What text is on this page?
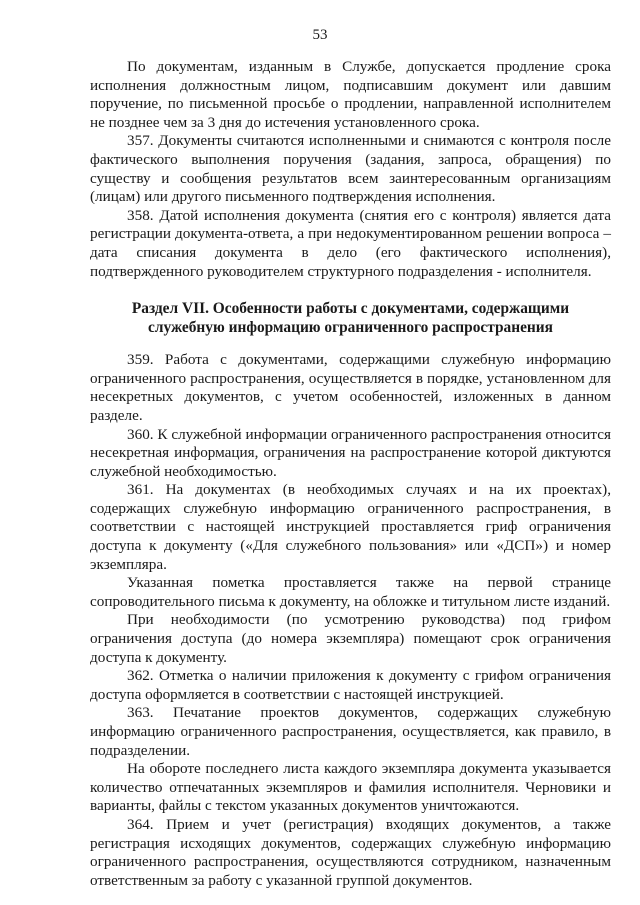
53

По документам, изданным в Службе, допускается продление срока исполнения должностным лицом, подписавшим документ или давшим поручение, по письменной просьбе о продлении, направленной исполнителем не позднее чем за 3 дня до истечения установленного срока.

357. Документы считаются исполненными и снимаются с контроля после фактического выполнения поручения (задания, запроса, обращения) по существу и сообщения результатов всем заинтересованным организациям (лицам) или другого письменного подтверждения исполнения.

358. Датой исполнения документа (снятия его с контроля) является дата регистрации документа-ответа, а при недокументированном решении вопроса – дата списания документа в дело (его фактического исполнения), подтвержденного руководителем структурного подразделения - исполнителя.

Раздел VII. Особенности работы с документами, содержащими
служебную информацию ограниченного распространения

359. Работа с документами, содержащими служебную информацию ограниченного распространения, осуществляется в порядке, установленном для несекретных документов, с учетом особенностей, изложенных в данном разделе.

360. К служебной информации ограниченного распространения относится несекретная информация, ограничения на распространение которой диктуются служебной необходимостью.

361. На документах (в необходимых случаях и на их проектах), содержащих служебную информацию ограниченного распространения, в соответствии с настоящей инструкцией проставляется гриф ограничения доступа к документу («Для служебного пользования» или «ДСП») и номер экземпляра.

Указанная пометка проставляется также на первой странице сопроводительного письма к документу, на обложке и титульном листе изданий.

При необходимости (по усмотрению руководства) под грифом ограничения доступа (до номера экземпляра) помещают срок ограничения доступа к документу.

362. Отметка о наличии приложения к документу с грифом ограничения доступа оформляется в соответствии с настоящей инструкцией.

363. Печатание проектов документов, содержащих служебную информацию ограниченного распространения, осуществляется, как правило, в подразделении.

На обороте последнего листа каждого экземпляра документа указывается количество отпечатанных экземпляров и фамилия исполнителя. Черновики и варианты, файлы с текстом указанных документов уничтожаются.

364. Прием и учет (регистрация) входящих документов, а также регистрация исходящих документов, содержащих служебную информацию ограниченного распространения, осуществляются сотрудником, назначенным ответственным за работу с указанной группой документов.
